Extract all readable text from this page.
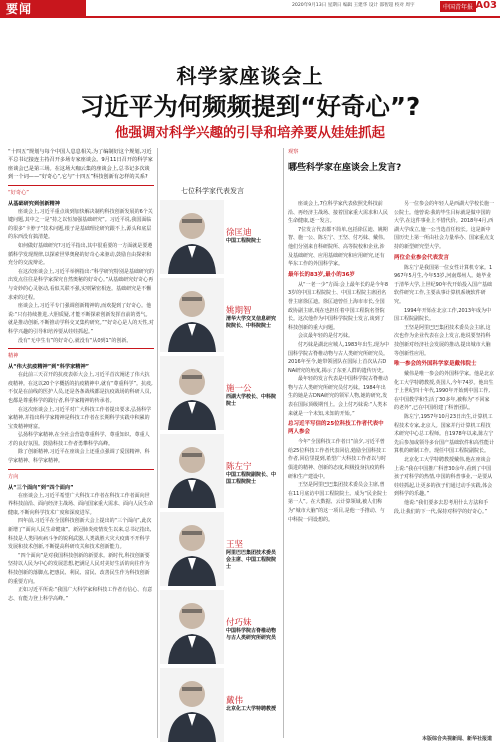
要闻	2020年9月13日 星期日 编辑 王建华 设计 邵智超 校对 周宇	中国青年报 A03
科学家座谈会上
习近平为何频频提到“好奇心”?
他强调对科学兴趣的引导和培养要从娃娃抓起
“十四五”规划与每个中国人息息相关,为了编制好这个规划,习近平总书记接连主持召开多场专家座谈会。9月11日召开的科学家座谈会已是第三场。在这场大咖云集的座谈会上,总书记多次谈到一个词——“好奇心”,它与“十四五”科技创新有怎样的关系?
“好奇心”
从基础研究到创新精神

座谈会上,习近平重点谈到加快解决制约科技创新发展的6个关键问题,其中之一是“持之以恒加强基础研究”。习近平说,我国面临的很多“卡脖子”技术问题,根子是基础理论研究跟不上,源头和底层的东西没有搞清楚。

如何做好基础研究?习近平指出,其中很重要的一方面就是要遵循科学发现规律,以探索世界奥秘的好奇心来驱动,鼓励自由探索和充分的交流辩论。

在这次座谈会上,习近平举例指出:“科学研究特别是基础研究的出发点往往是科学家探究自然奥秘的好奇心。”从基础研究好奇心再与奇妙的心灵驱动,看似关联不强,实则紧密相连。基础研究是不懈求索的过程。

座谈会上,习近平专门强调创新精神的,而欢提到了好奇心。他说:“只有持续推进,大胆质疑,才能不断探索创新发挥直前的勇气。就是推动创新,不断推动学科交叉集约研究。”“好奇心是人的天性,对科学兴趣的引导和培养要从娃娃抓起。”

没有“无中生有”的好奇心,就没有“从0到1”的创新。

精神
从“伟大抗疫精神”到“科学家精神”

在此前三天召开的抗疫表彰大会上,习近平首次阐述了伟大抗疫精神。在这以20个字概括的抗疫精神中,就有“尊重科学”。抗疫,不仅是在前线的医护人员,还是各条战线都是抗疫战场的科研人员,也都是尊重科学的践行者,科学家精神的传承者。

在这次座谈会上,习近平对广大科技工作者提出要求,弘扬科学家精神,并指出科学家精神是科技工作者在长期科学实践中积累的宝贵精神财富。

弘扬科学家精神,在全社会营造尊重科学、尊重知识、尊重人才的良好氛围。鼓励科技工作者勇攀科学高峰。

除了创新精神,习近平在座谈会上还重点强调了爱国精神、科学家精神、科学家精神。

方向
从“三个面向”到“四个面向”

在座谈会上,习近平希望广大科技工作者在科技工作者面向世界科技前沿、面向经济主战场、面向国家重大需求、面向人民生命健康,不断向科学技术广度和深度进军。

四年前,习近平在全国科技创新大会上提出的“三个面向”,此次新增了“面向人民生命健康”。新冠肺炎疫情发生以来,总书记指出,科技是人类同疾病斗争的锐利武器,人类战胜大灾大疫离不开科学发展和技术创新,不断提高科研攻关和技术创新能力。

“四个面向”是对我国科技创新的新要求。新时代,科技创新要坚持以人民为中心的发展思想,把满足人民对美好生活的向往作为科技创新的落脚点,把惠民、利民、富民、改善民生作为科技创新的重要方向。

正如习近平所说:“我国广大科学家和科技工作者有信心、有意志、有能力登上科学高峰。”

七位科学家代表发言
徐匡迪
中国工程院院士
姚期智
清华大学交叉信息研究院院长、中科院院士
施一公
西湖大学校长、中科院院士
陈左宁
中国工程院副院长、中国工程院院士
王坚
阿里巴巴集团技术委员会主席、中国工程院院士
付巧妹
中国科学院古脊椎动物与古人类研究所研究员
戴伟
北京化工大学特聘教授
观察
哪些科学家在座谈会上发言?

座谈会上,7位科学家代表依照先科技前沿、再经济主战场、接着国家重大需求和人民生命健康,逐一发言。

7位发言代表都不简单,包括徐匡迪、姚期智、施一公、陈左宁、王坚、付巧妹、戴伟。他们分别来自科研院所、高等院校和企业,涉及基础研究、应用基础研究和应用研究,还有华东工作的外国科学家。

最年长的83岁,最小的36岁

从“一老一少”方面:会上最年长的是今年83岁的中国工程院院士、中国工程院主席团名誉主席徐匡迪。徐匡迪曾任上海市市长,全国政协副主席,现在也担任着中国工程院名誉院长。这次他作为中国科学院院士发言,谈到了科技创新的重大问题。

会议最年轻的是付巧妹。

付巧妹是湖北应城人,1983年出生,现为中国科学院古脊椎动物与古人类研究所研究员。2016年至今,她带领团队在国际上首次从古DNA研究的角度,揭示了东亚人群的遗传历史。

最年轻的发言代表是中国科学院古脊椎动物与古人类研究所研究员付巧妹。1984年出生的她是古DNA研究的领军人物,她的研究,发表在国际顶级期刊上。会上付巧妹说:“人类本来就是一个未知,未知的开始。”

总习近平写信的25位科技工作者代表中两人参会

今年“全国科技工作者日”前夕,习近平曾给25位科技工作者代表回信,勉励全国科技工作者,回信里提到,希望广大科技工作者以与时俱进的精神、创新的态度,积极投身抗疫的科研和生产建设中。

王坚是阿里巴巴集团技术委员会主席,曾在11月底访中国工程院院士。成为“民企院士第一人”。在大数据、云计算领域,被人们称为“城市大脑”的这一项目,是他一手推动、与中科院一同设想的。

另一位参会的年轻人是西湖大学校长施一公院士。他曾说:我的毕生目标就是做中国的大学,在这件事业上不惜代价。2018年4月,西湖大学成立,施一公当选首任校长。这是新中国历史上第一所由社会力量举办、国家重点支持的新型研究型大学。

两位企业参会代表发言

陈左宁是我国第一位女性计算机专家。1967年5月生,今年53岁,河南郑州人。她毕业于清华大学,上世纪90年代开始投入国产基础软件研究工作,主要从事计算机系统软件研究。

1994年开始在北京工作,2013年成为中国工程院副院长。

王坚是阿里巴巴集团技术委员会主席,这次也作为企业代表在会上发言,他说要坚持科技创新对经济社会发展的推动,提出城市大脑等创新性应用。

唯一参会的外国科学家是戴伟院士

戴伟是唯一参会的外国科学家。他是北京化工大学特聘教授,英国人,今年74岁。他出生于上世纪四十年代,1990年开始到中国工作,在中国教学和生活了30多年,被称为“不回家的老外”,已在中国组建了科普团队。

陈左宁,1957年10月23日出生,计算机工程技术专家,北京人。国家并行计算机工程技术研究中心总工程师。自1978年以来,陈左宁先后参加或领导多台国产基础软件和高性能计算机的研制工作。现任中国工程院副院长。

北京化工大学特聘教授戴伟,他在座谈会上说:“我在中国推广科普30余年,看到了中国孩子对科学的热情,中国的科普事业,一是要从娃娃抓起,让更多的孩子们通过动手实践,体会到科学的乐趣。”

他说:“我们要多去思考用什么方法和手段,让我们的下一代,保持对科学的好奇心。”

本版综合央视新闻、新华社报道
